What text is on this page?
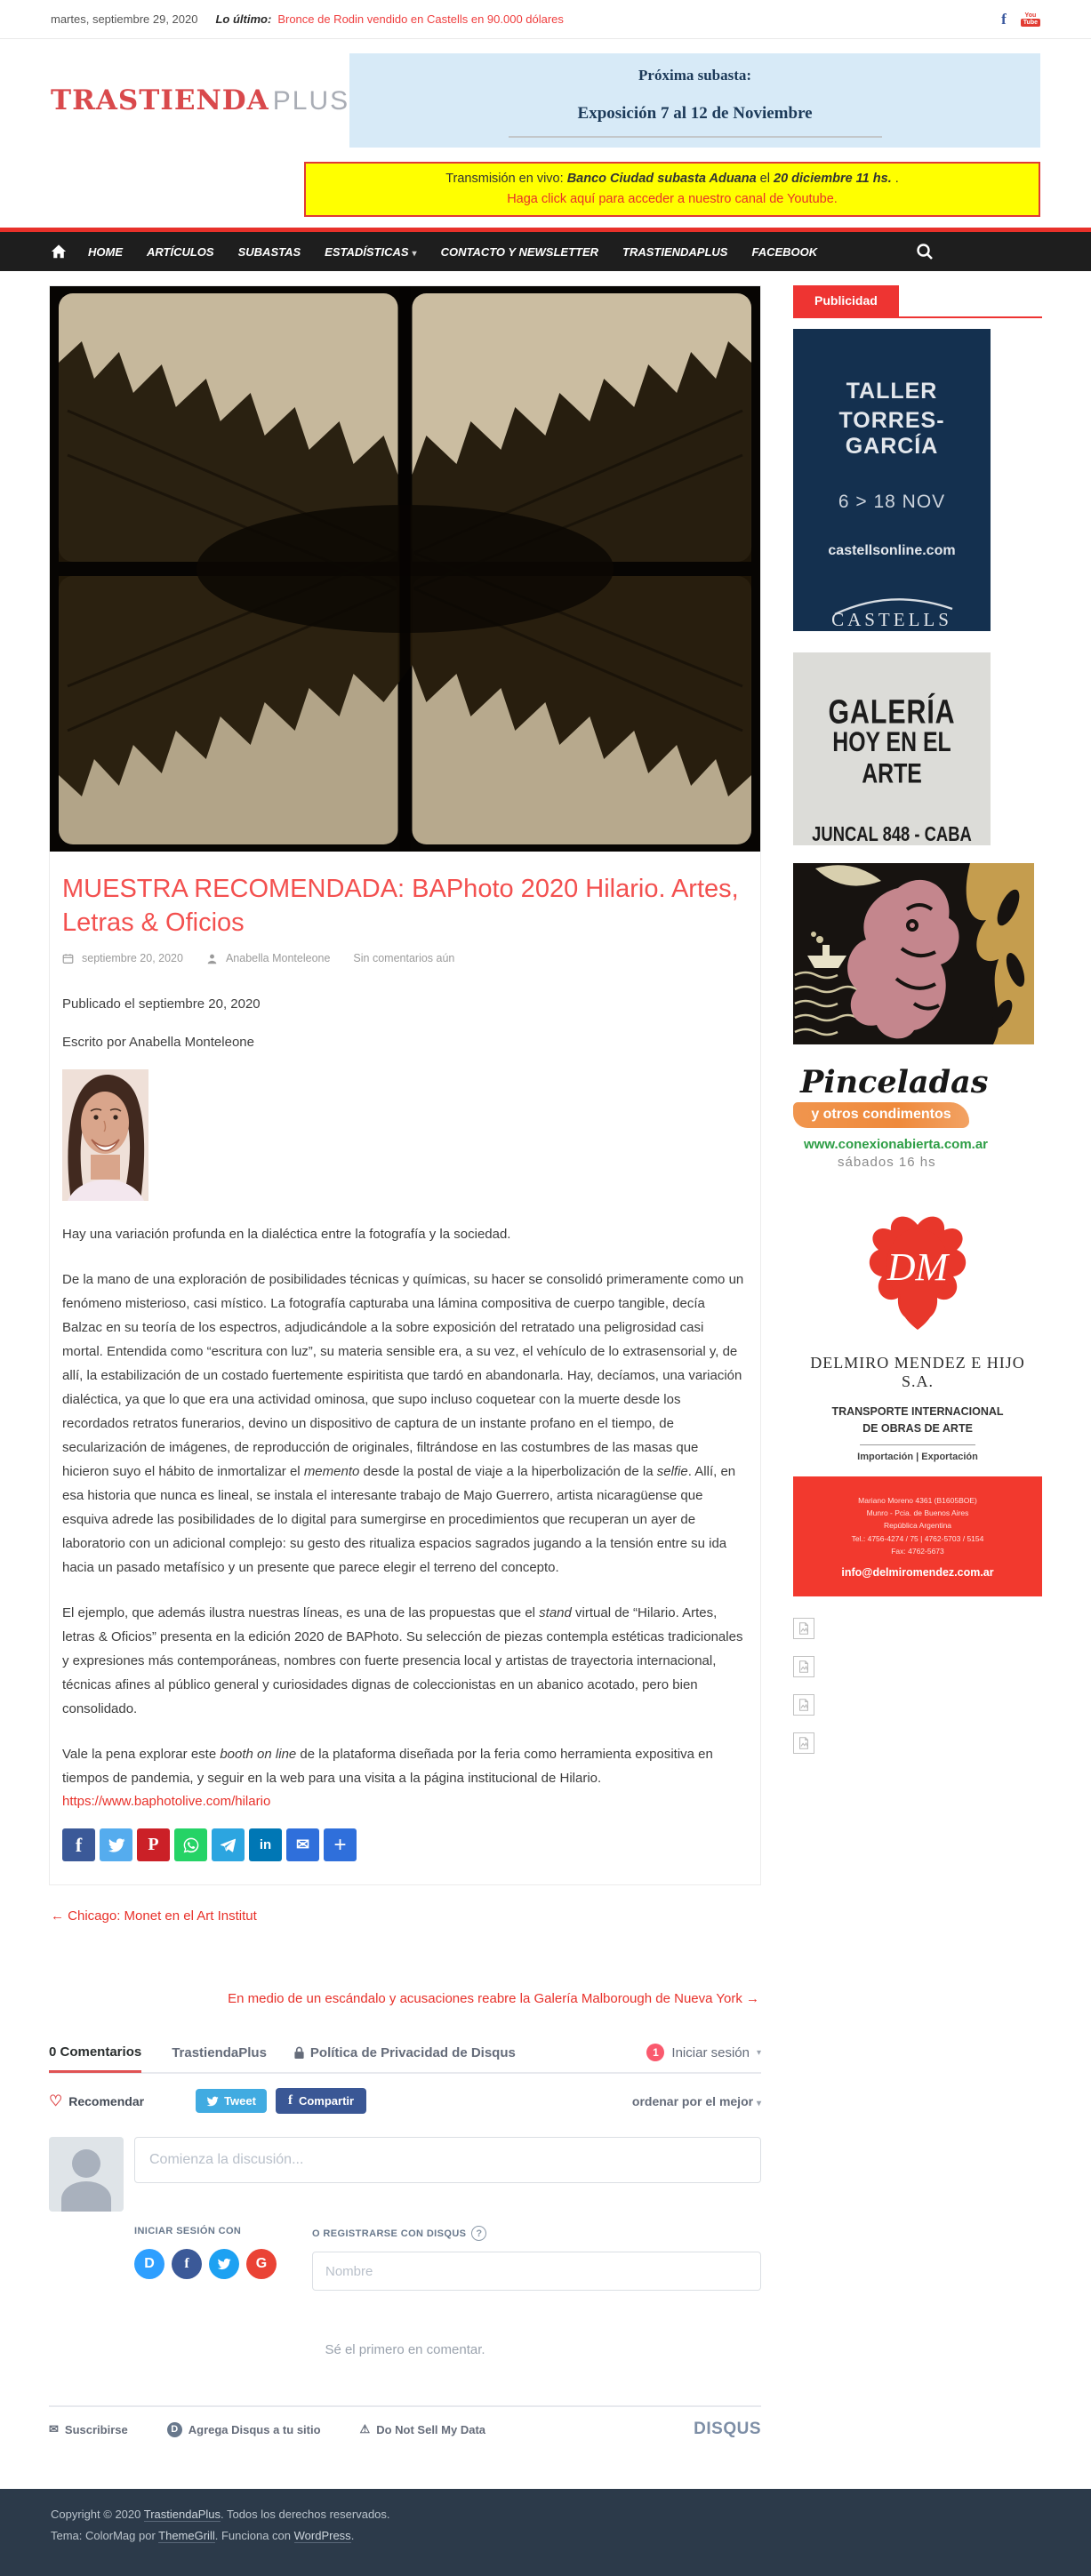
martes, septiembre 29, 2020 Lo último: Bronce de Rodin vendido en Castells en 90.000 dólares	f	You
Tube
TRASTIENDA PLUS
Próxima subasta:
Exposición 7 al 12 de Noviembre
Transmisión en vivo: Banco Ciudad subasta Aduana el 20 diciembre 11 hs. .
Haga click aquí para acceder a nuestro canal de Youtube.
HOME ARTÍCULOS SUBASTAS ESTADÍSTICAS ▾ CONTACTO Y NEWSLETTER TRASTIENDAPLUS FACEBOOK
MUESTRA RECOMENDADA: BAPhoto 2020 Hilario. Artes, Letras & Oficios
septiembre 20, 2020	Anabella Monteleone Sin comentarios aún

Publicado el septiembre 20, 2020

Escrito por Anabella Monteleone

Hay una variación profunda en la dialéctica entre la fotografía y la sociedad.

De la mano de una exploración de posibilidades técnicas y químicas, su hacer se consolidó primeramente como un fenómeno misterioso, casi místico. La fotografía capturaba una lámina compositiva de cuerpo tangible, decía Balzac en su teoría de los espectros, adjudicándole a la sobre exposición del retratado una peligrosidad casi mortal. Entendida como “escritura con luz”, su materia sensible era, a su vez, el vehículo de lo extrasensorial y, de allí, la estabilización de un costado fuertemente espiritista que tardó en abandonarla. Hay, decíamos, una variación dialéctica, ya que lo que era una actividad ominosa, que supo incluso coquetear con la muerte desde los recordados retratos funerarios, devino un dispositivo de captura de un instante profano en el tiempo, de secularización de imágenes, de reproducción de originales, filtrándose en las costumbres de las masas que hicieron suyo el hábito de inmortalizar el memento desde la postal de viaje a la hiperbolización de la selfie. Allí, en esa historia que nunca es lineal, se instala el interesante trabajo de Majo Guerrero, artista nicaragüense que esquiva adrede las posibilidades de lo digital para sumergirse en procedimientos que recuperan un ayer de laboratorio con un adicional complejo: su gesto des ritualiza espacios sagrados jugando a la tensión entre su ida hacia un pasado metafísico y un presente que parece elegir el terreno del concepto.

El ejemplo, que además ilustra nuestras líneas, es una de las propuestas que el stand virtual de “Hilario. Artes, letras & Oficios” presenta en la edición 2020 de BAPhoto. Su selección de piezas contempla estéticas tradicionales y expresiones más contemporáneas, nombres con fuerte presencia local y artistas de trayectoria internacional, técnicas afines al público general y curiosidades dignas de coleccionistas en un abanico acotado, pero bien consolidado.

Vale la pena explorar este booth on line de la plataforma diseñada por la feria como herramienta expositiva en tiempos de pandemia, y seguir en la web para una visita a la página institucional de Hilario.

https://www.baphotolive.com/hilario
f	P	in	✉	+
← Chicago: Monet en el Art Institut
En medio de un escándalo y acusaciones reabre la Galería Malborough de Nueva York →
0 Comentarios TrastiendaPlus	Política de Privacidad de Disqus	1 Iniciar sesión ▾
♡ Recomendar	Tweet f Compartir	ordenar por el mejor ▾
Comienza la discusión...
INICIAR SESIÓN CON
D	f	G
O REGISTRARSE CON DISQUS ?
Nombre

Sé el primero en comentar.

✉ Suscribirse	D Agrega Disqus a tu sitio	⚠ Do Not Sell My Data	DISQUS
Publicidad
TALLER
TORRES-GARCÍA
6 > 18 NOV
castellsonline.com
CASTELLS
GALERÍA
HOY EN EL ARTE
JUNCAL 848 - CABA
Pinceladas
y otros condimentos
www.conexionabierta.com.ar
sábados 16 hs
DM
DELMIRO MENDEZ E HIJO S.A.
TRANSPORTE INTERNACIONAL
DE OBRAS DE ARTE
Importación | Exportación
Mariano Moreno 4361 (B1605BOE)
Munro - Pcia. de Buenos Aires
República Argentina
Tel.: 4756-4274 / 75 | 4762-5703 / 5154
Fax: 4762-5673
info@delmiromendez.com.ar
Copyright © 2020 TrastiendaPlus. Todos los derechos reservados.
Tema: ColorMag por ThemeGrill. Funciona con WordPress.
